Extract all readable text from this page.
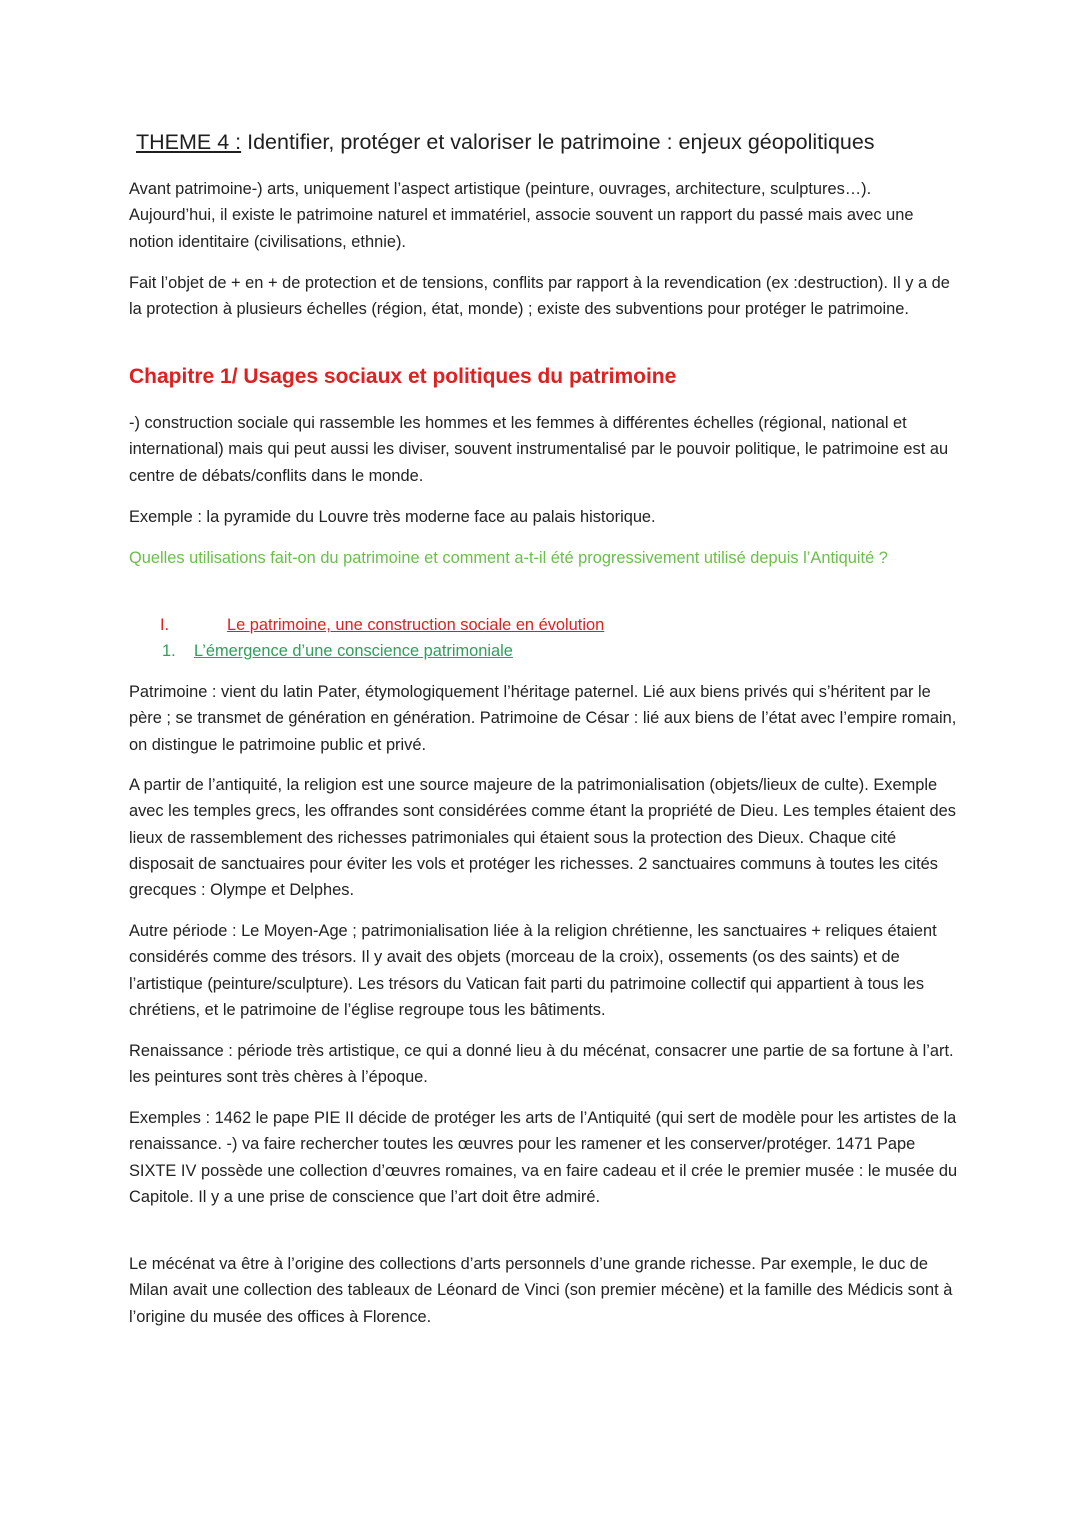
THEME 4 : Identifier, protéger et valoriser le patrimoine : enjeux géopolitiques

Avant patrimoine-) arts, uniquement l’aspect artistique (peinture, ouvrages, architecture, sculptures…). Aujourd’hui, il existe le patrimoine naturel et immatériel, associe souvent un rapport du passé mais avec une notion identitaire (civilisations, ethnie).

Fait l’objet de + en + de protection et de tensions, conflits par rapport à la revendication (ex :destruction). Il y a de la protection à plusieurs échelles (région, état, monde) ; existe des subventions pour protéger le patrimoine.

Chapitre 1/ Usages sociaux et politiques du patrimoine

-) construction sociale qui rassemble les hommes et les femmes à différentes échelles (régional, national et international) mais qui peut aussi les diviser, souvent instrumentalisé par le pouvoir politique, le patrimoine est au centre de débats/conflits dans le monde.

Exemple : la pyramide du Louvre très moderne face au palais historique.

Quelles utilisations fait-on du patrimoine et comment a-t-il été progressivement utilisé depuis l’Antiquité ?

I.	Le patrimoine, une construction sociale en évolution
1. L’émergence d’une conscience patrimoniale

Patrimoine : vient du latin Pater, étymologiquement l’héritage paternel. Lié aux biens privés qui s’héritent par le père ; se transmet de génération en génération. Patrimoine de César : lié aux biens de l’état avec l’empire romain, on distingue le patrimoine public et privé.

A partir de l’antiquité, la religion est une source majeure de la patrimonialisation (objets/lieux de culte). Exemple avec les temples grecs, les offrandes sont considérées comme étant la propriété de Dieu. Les temples étaient des lieux de rassemblement des richesses patrimoniales qui étaient sous la protection des Dieux. Chaque cité disposait de sanctuaires pour éviter les vols et protéger les richesses. 2 sanctuaires communs à toutes les cités grecques : Olympe et Delphes.

Autre période : Le Moyen-Age ; patrimonialisation liée à la religion chrétienne, les sanctuaires + reliques étaient considérés comme des trésors. Il y avait des objets (morceau de la croix), ossements (os des saints) et de l’artistique (peinture/sculpture). Les trésors du Vatican fait parti du patrimoine collectif qui appartient à tous les chrétiens, et le patrimoine de l’église regroupe tous les bâtiments.

Renaissance : période très artistique, ce qui a donné lieu à du mécénat, consacrer une partie de sa fortune à l’art. les peintures sont très chères à l’époque.

Exemples : 1462 le pape PIE II décide de protéger les arts de l’Antiquité (qui sert de modèle pour les artistes de la renaissance. -) va faire rechercher toutes les œuvres pour les ramener et les conserver/protéger. 1471 Pape SIXTE IV possède une collection d’œuvres romaines, va en faire cadeau et il crée le premier musée : le musée du Capitole. Il y a une prise de conscience que l’art doit être admiré.

Le mécénat va être à l’origine des collections d’arts personnels d’une grande richesse. Par exemple, le duc de Milan avait une collection des tableaux de Léonard de Vinci (son premier mécène) et la famille des Médicis sont à l’origine du musée des offices à Florence.
